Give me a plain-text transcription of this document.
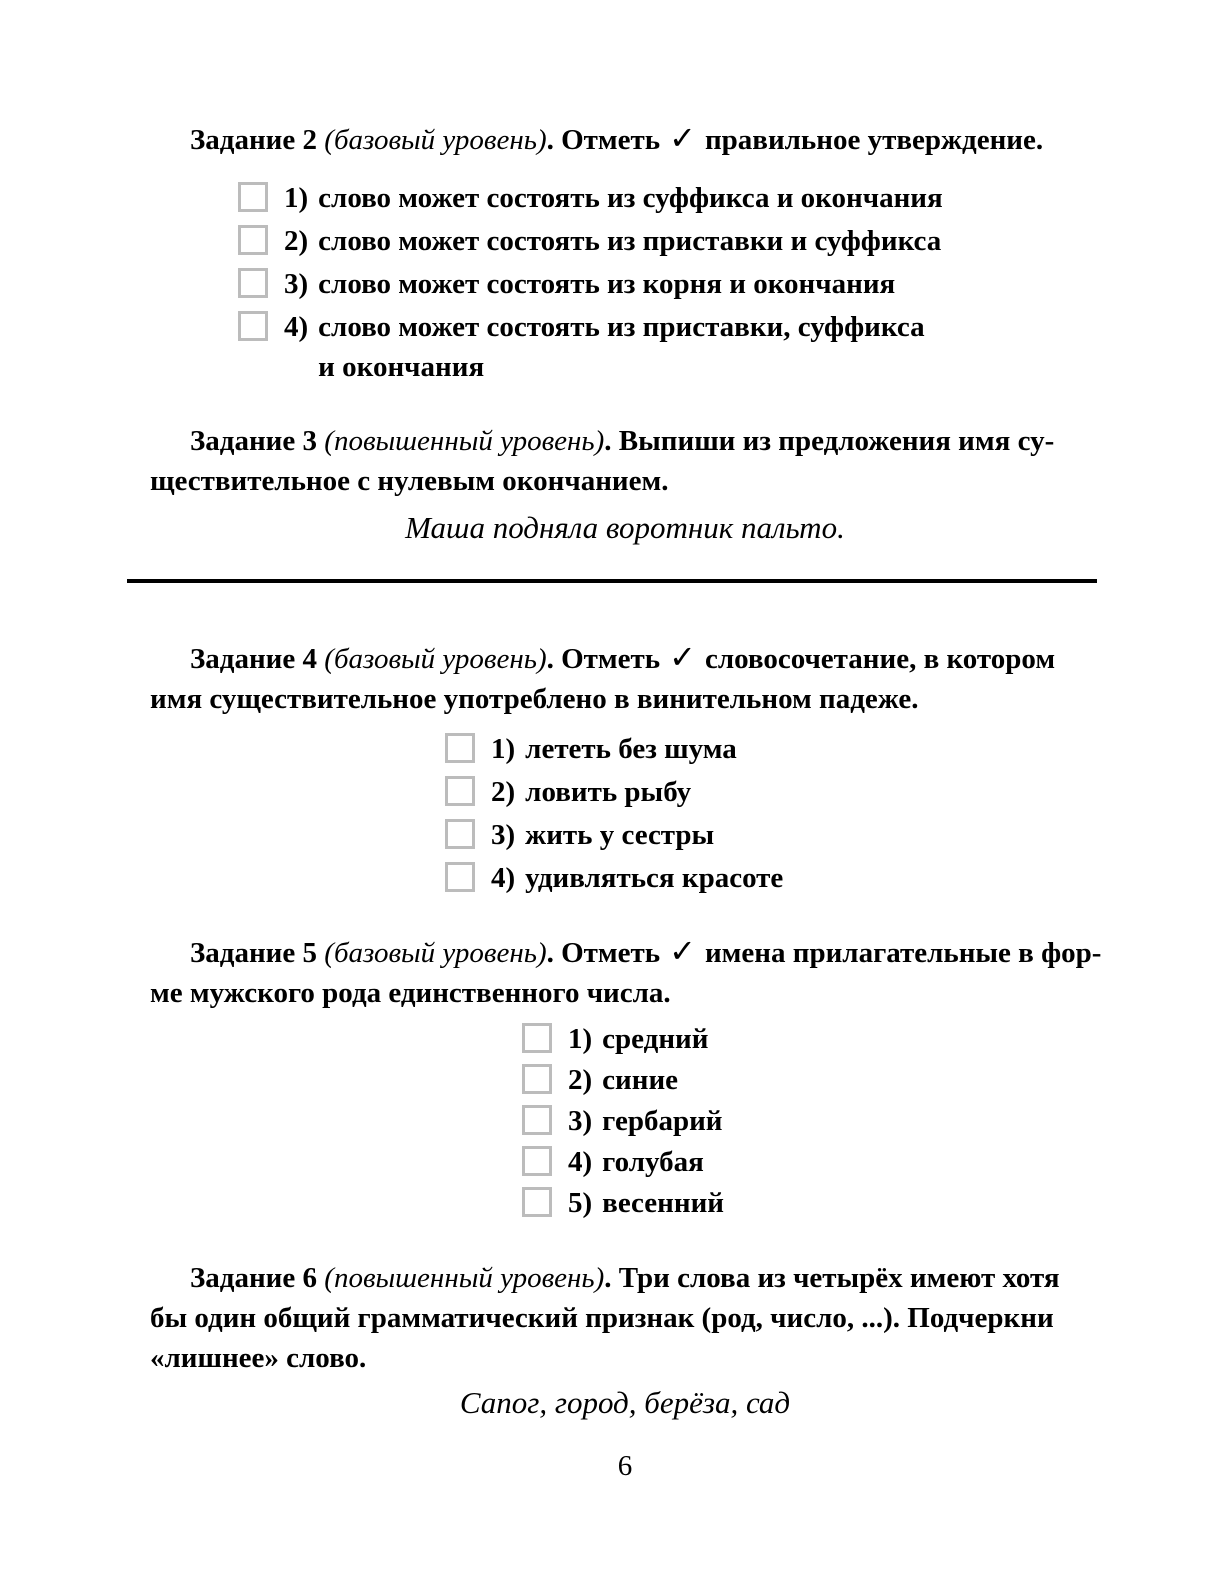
Задание 2 (базовый уровень). Отметь ✓ правильное утверждение.

1) слово может состоять из суффикса и окончания
2) слово может состоять из приставки и суффикса
3) слово может состоять из корня и окончания
4) слово может состоять из приставки, суффикса
и окончания

Задание 3 (повышенный уровень). Выпиши из предложения имя су-
ществительное с нулевым окончанием.

Маша подняла воротник пальто.

Задание 4 (базовый уровень). Отметь ✓ словосочетание, в котором
имя существительное употреблено в винительном падеже.

1) лететь без шума
2) ловить рыбу
3) жить у сестры
4) удивляться красоте

Задание 5 (базовый уровень). Отметь ✓ имена прилагательные в фор-
ме мужского рода единственного числа.

1) средний
2) синие
3) гербарий
4) голубая
5) весенний

Задание 6 (повышенный уровень). Три слова из четырёх имеют хотя
бы один общий грамматический признак (род, число, ...). Подчеркни
«лишнее» слово.

Сапог, город, берёза, сад

6
